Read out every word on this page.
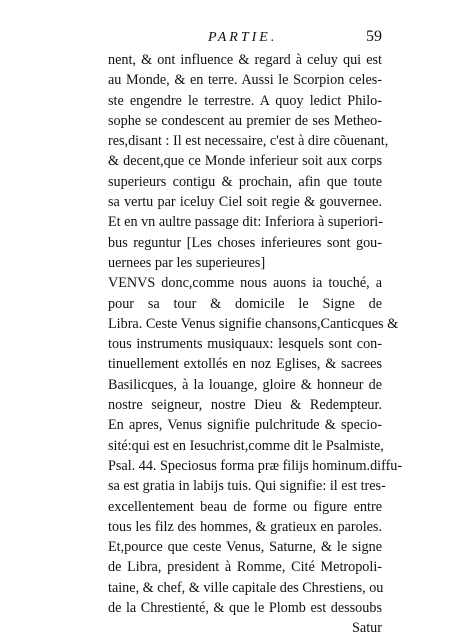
PARTIE.	59
nent, & ont influence & regard à celuy qui est
au Monde, & en terre. Aussi le Scorpion celes-
ste engendre le terrestre. A quoy ledict Philo-
sophe se condescent au premier de ses Metheo-
res,disant : Il est necessaire, c'est à dire cõuenant,
& decent,que ce Monde inferieur soit aux corps
superieurs contigu & prochain, afin que toute
sa vertu par iceluy Ciel soit regie & gouvernee.
Et en vn aultre passage dit: Inferiora à superiori-
bus reguntur [Les choses inferieures sont gou-
uernees par les superieures]
VENVS donc,comme nous auons ia touché, a pour sa tour & domicile le Signe de
Libra. Ceste Venus signifie chansons,Canticques &
tous instruments musiquaux: lesquels sont con-
tinuellement extollés en noz Eglises, & sacrees
Basilicques, à la louange, gloire & honneur de
nostre seigneur, nostre Dieu & Redempteur.
En apres, Venus signifie pulchritude & specio-
sité:qui est en Iesuchrist,comme dit le Psalmiste,
Psal. 44. Speciosus forma præ filijs hominum.diffu-
sa est gratia in labijs tuis. Qui signifie: il est tres-
excellentement beau de forme ou figure entre
tous les filz des hommes, & gratieux en paroles.
Et,pource que ceste Venus, Saturne, & le signe
de Libra, president à Romme, Cité Metropoli-
taine, & chef, & ville capitale des Chrestiens, ou
de la Chrestienté, & que le Plomb est dessoubs
Satur
